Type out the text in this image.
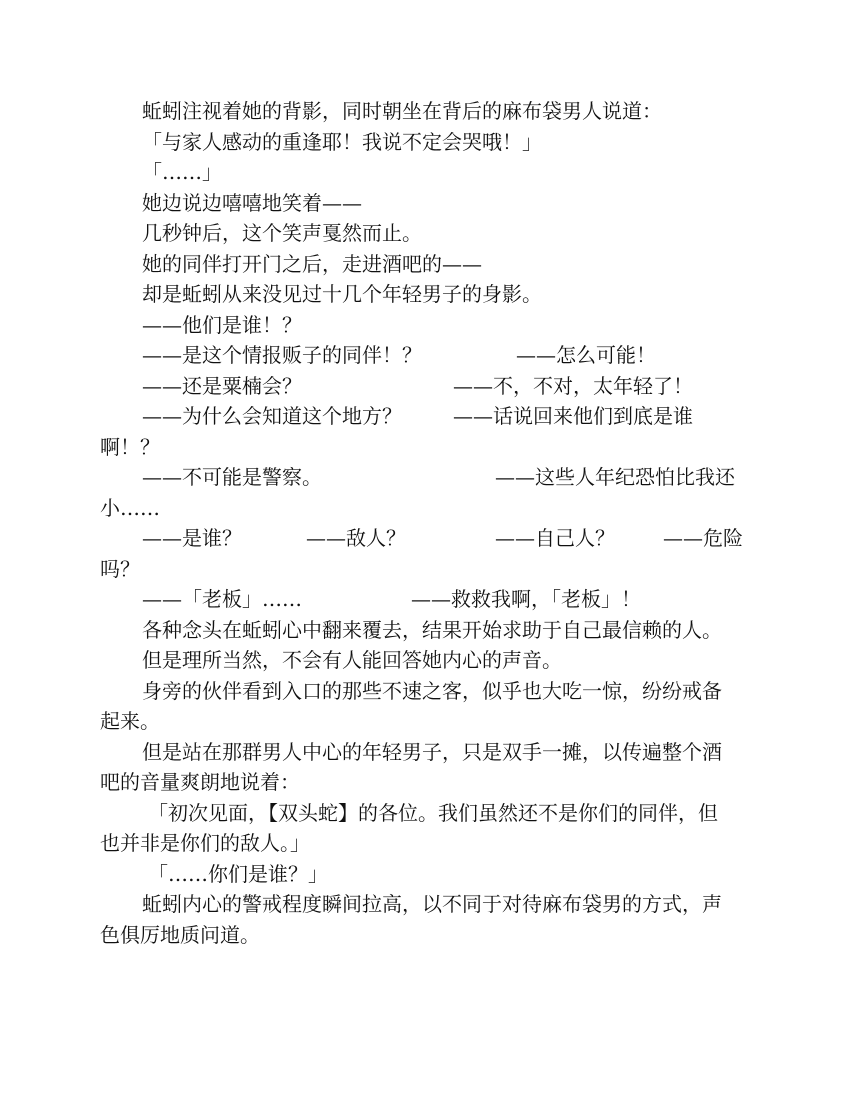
蚯蚓注视着她的背影，同时朝坐在背后的麻布袋男人说道：
「与家人感动的重逢耶！我说不定会哭哦！」
「……」
她边说边嘻嘻地笑着——
几秒钟后，这个笑声戛然而止。
她的同伴打开门之后，走进酒吧的——
却是蚯蚓从来没见过十几个年轻男子的身影。
——他们是谁！？
——是这个情报贩子的同伴！？	——怎么可能！
——还是粟楠会？	——不，不对，太年轻了！
——为什么会知道这个地方？	——话说回来他们到底是谁
啊！？
——不可能是警察。	——这些人年纪恐怕比我还
小……
——是谁？	——敌人？	——自己人？ ——危险
吗？
——「老板」……	——救救我啊，「老板」！
各种念头在蚯蚓心中翻来覆去，结果开始求助于自己最信赖的人。
但是理所当然，不会有人能回答她内心的声音。
身旁的伙伴看到入口的那些不速之客，似乎也大吃一惊，纷纷戒备
起来。
但是站在那群男人中心的年轻男子，只是双手一摊，以传遍整个酒
吧的音量爽朗地说着：
「初次见面，【双头蛇】的各位。我们虽然还不是你们的同伴，但
也并非是你们的敌人。」
「……你们是谁？」
蚯蚓内心的警戒程度瞬间拉高，以不同于对待麻布袋男的方式，声
色俱厉地质问道。
